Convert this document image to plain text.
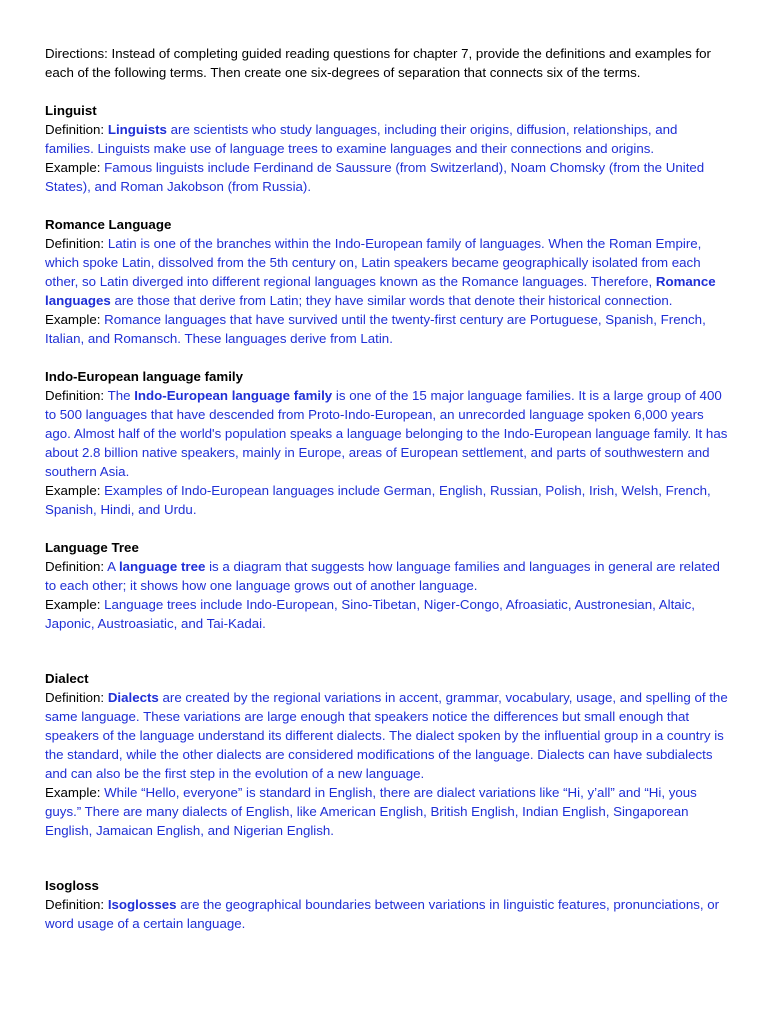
Directions: Instead of completing guided reading questions for chapter 7, provide the definitions and examples for each of the following terms. Then create one six-degrees of separation that connects six of the terms.

Linguist

Definition: Linguists are scientists who study languages, including their origins, diffusion, relationships, and families. Linguists make use of language trees to examine languages and their connections and origins.

Example: Famous linguists include Ferdinand de Saussure (from Switzerland), Noam Chomsky (from the United States), and Roman Jakobson (from Russia).

Romance Language

Definition: Latin is one of the branches within the Indo-European family of languages. When the Roman Empire, which spoke Latin, dissolved from the 5th century on, Latin speakers became geographically isolated from each other, so Latin diverged into different regional languages known as the Romance languages. Therefore, Romance languages are those that derive from Latin; they have similar words that denote their historical connection.

Example: Romance languages that have survived until the twenty-first century are Portuguese, Spanish, French, Italian, and Romansch. These languages derive from Latin.

Indo-European language family

Definition: The Indo-European language family is one of the 15 major language families. It is a large group of 400 to 500 languages that have descended from Proto-Indo-European, an unrecorded language spoken 6,000 years ago. Almost half of the world's population speaks a language belonging to the Indo-European language family. It has about 2.8 billion native speakers, mainly in Europe, areas of European settlement, and parts of southwestern and southern Asia.

Example: Examples of Indo-European languages include German, English, Russian, Polish, Irish, Welsh, French, Spanish, Hindi, and Urdu.

Language Tree

Definition: A language tree is a diagram that suggests how language families and languages in general are related to each other; it shows how one language grows out of another language.

Example: Language trees include Indo-European, Sino-Tibetan, Niger-Congo, Afroasiatic, Austronesian, Altaic, Japonic, Austroasiatic, and Tai-Kadai.

Dialect

Definition: Dialects are created by the regional variations in accent, grammar, vocabulary, usage, and spelling of the same language. These variations are large enough that speakers notice the differences but small enough that speakers of the language understand its different dialects. The dialect spoken by the influential group in a country is the standard, while the other dialects are considered modifications of the language. Dialects can have subdialects and can also be the first step in the evolution of a new language.

Example: While “Hello, everyone” is standard in English, there are dialect variations like “Hi, y’all” and “Hi, yous guys.” There are many dialects of English, like American English, British English, Indian English, Singaporean English, Jamaican English, and Nigerian English.

Isogloss

Definition: Isoglosses are the geographical boundaries between variations in linguistic features, pronunciations, or word usage of a certain language.
